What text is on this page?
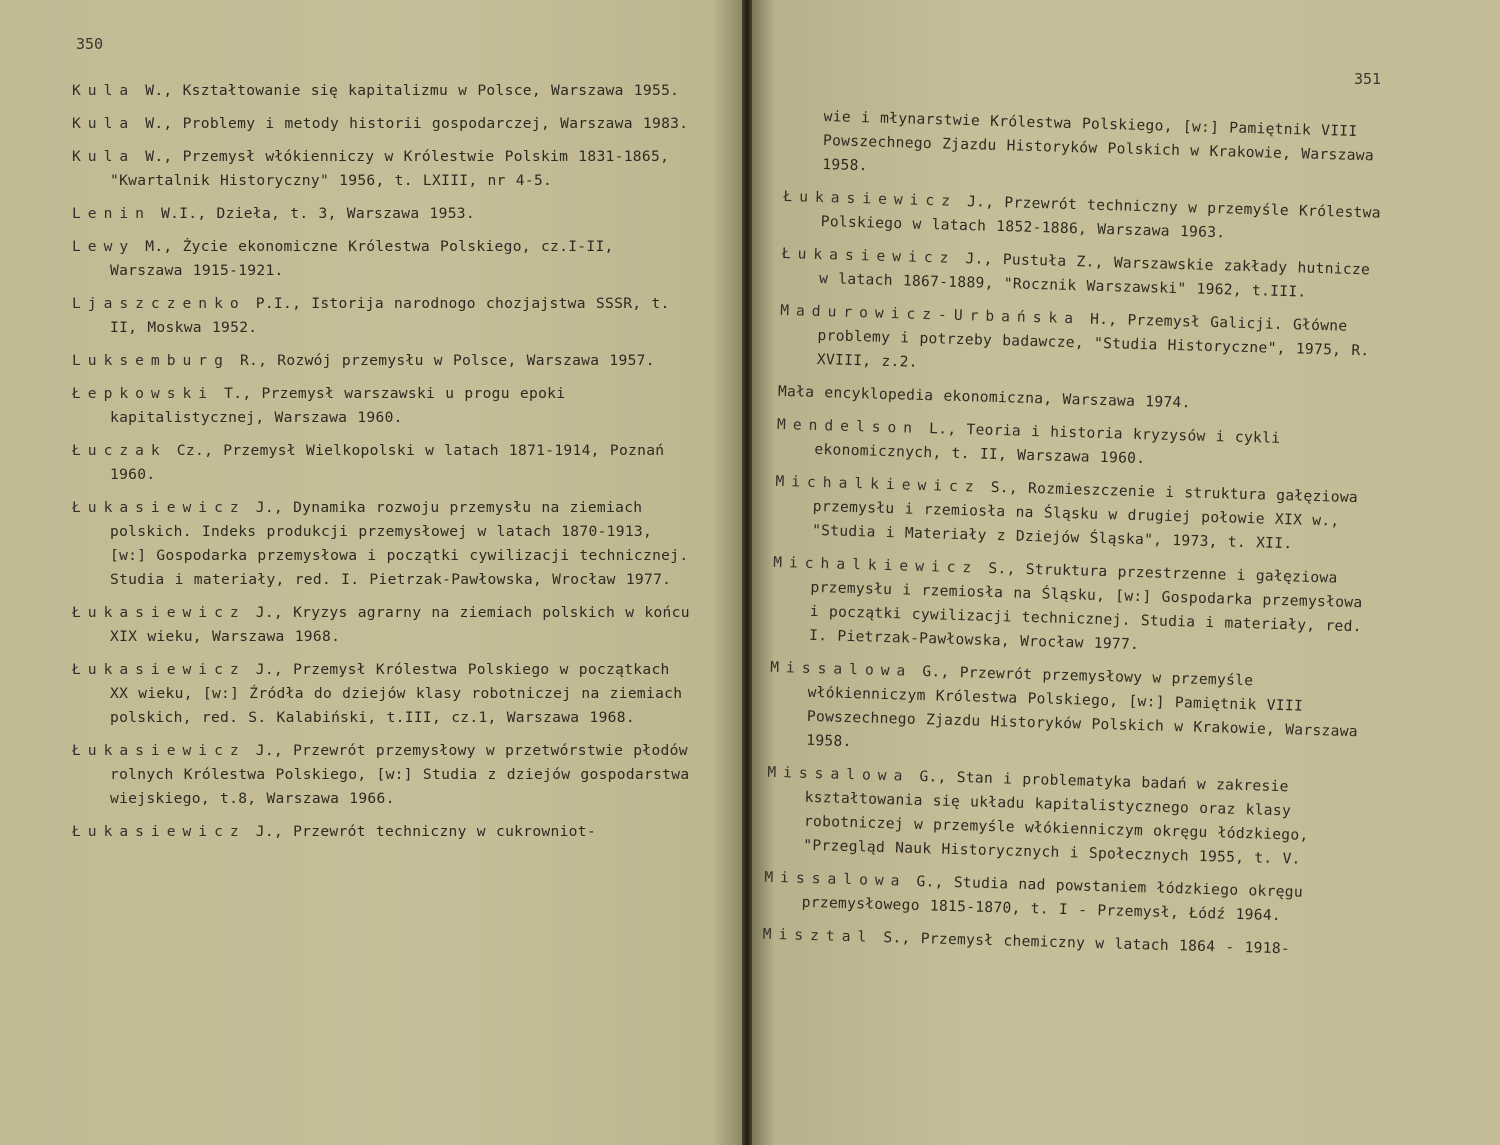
350
Kula W., Kształtowanie się kapitalizmu w Polsce, Warszawa 1955.
Kula W., Problemy i metody historii gospodarczej, Warszawa 1983.
Kula W., Przemysł włókienniczy w Królestwie Polskim 1831-1865, "Kwartalnik Historyczny" 1956, t. LXIII, nr 4-5.
Lenin W.I., Dzieła, t. 3, Warszawa 1953.
Lewy M., Życie ekonomiczne Królestwa Polskiego, cz.I-II, Warszawa 1915-1921.
Ljaszczenko P.I., Istorija narodnogo chozjajstwa SSSR, t. II, Moskwa 1952.
Luksemburg R., Rozwój przemysłu w Polsce, Warszawa 1957.
Łepkowski T., Przemysł warszawski u progu epoki kapitalistycznej, Warszawa 1960.
Łuczak Cz., Przemysł Wielkopolski w latach 1871-1914, Poznań 1960.
Łukasiewicz J., Dynamika rozwoju przemysłu na ziemiach polskich. Indeks produkcji przemysłowej w latach 1870-1913, [w:] Gospodarka przemysłowa i początki cywilizacji technicznej. Studia i materiały, red. I. Pietrzak-Pawłowska, Wrocław 1977.
Łukasiewicz J., Kryzys agrarny na ziemiach polskich w końcu XIX wieku, Warszawa 1968.
Łukasiewicz J., Przemysł Królestwa Polskiego w początkach XX wieku, [w:] Źródła do dziejów klasy robotniczej na ziemiach polskich, red. S. Kalabiński, t.III, cz.1, Warszawa 1968.
Łukasiewicz J., Przewrót przemysłowy w przetwórstwie płodów rolnych Królestwa Polskiego, [w:] Studia z dziejów gospodarstwa wiejskiego, t.8, Warszawa 1966.
Łukasiewicz J., Przewrót techniczny w cukrowniot-
351
wie i młynarstwie Królestwa Polskiego, [w:] Pamiętnik VIII Powszechnego Zjazdu Historyków Polskich w Krakowie, Warszawa 1958.
Łukasiewicz J., Przewrót techniczny w przemyśle Królestwa Polskiego w latach 1852-1886, Warszawa 1963.
Łukasiewicz J., Pustuła Z., Warszawskie zakłady hutnicze w latach 1867-1889, "Rocznik Warszawski" 1962, t.III.
Madurowicz-Urbańska H., Przemysł Galicji. Główne problemy i potrzeby badawcze, "Studia Historyczne", 1975, R. XVIII, z.2.
Mała encyklopedia ekonomiczna, Warszawa 1974.
Mendelson L., Teoria i historia kryzysów i cykli ekonomicznych, t. II, Warszawa 1960.
Michalkiewicz S., Rozmieszczenie i struktura gałęziowa przemysłu i rzemiosła na Śląsku w drugiej połowie XIX w., "Studia i Materiały z Dziejów Śląska", 1973, t. XII.
Michalkiewicz S., Struktura przestrzenne i gałęziowa przemysłu i rzemiosła na Śląsku, [w:] Gospodarka przemysłowa i początki cywilizacji technicznej. Studia i materiały, red. I. Pietrzak-Pawłowska, Wrocław 1977.
Missalowa G., Przewrót przemysłowy w przemyśle włókienniczym Królestwa Polskiego, [w:] Pamiętnik VIII Powszechnego Zjazdu Historyków Polskich w Krakowie, Warszawa 1958.
Missalowa G., Stan i problematyka badań w zakresie kształtowania się układu kapitalistycznego oraz klasy robotniczej w przemyśle włókienniczym okręgu łódzkiego, "Przegląd Nauk Historycznych i Społecznych 1955, t. V.
Missalowa G., Studia nad powstaniem łódzkiego okręgu przemysłowego 1815-1870, t. I - Przemysł, Łódź 1964.
Misztal S., Przemysł chemiczny w latach 1864 - 1918-
